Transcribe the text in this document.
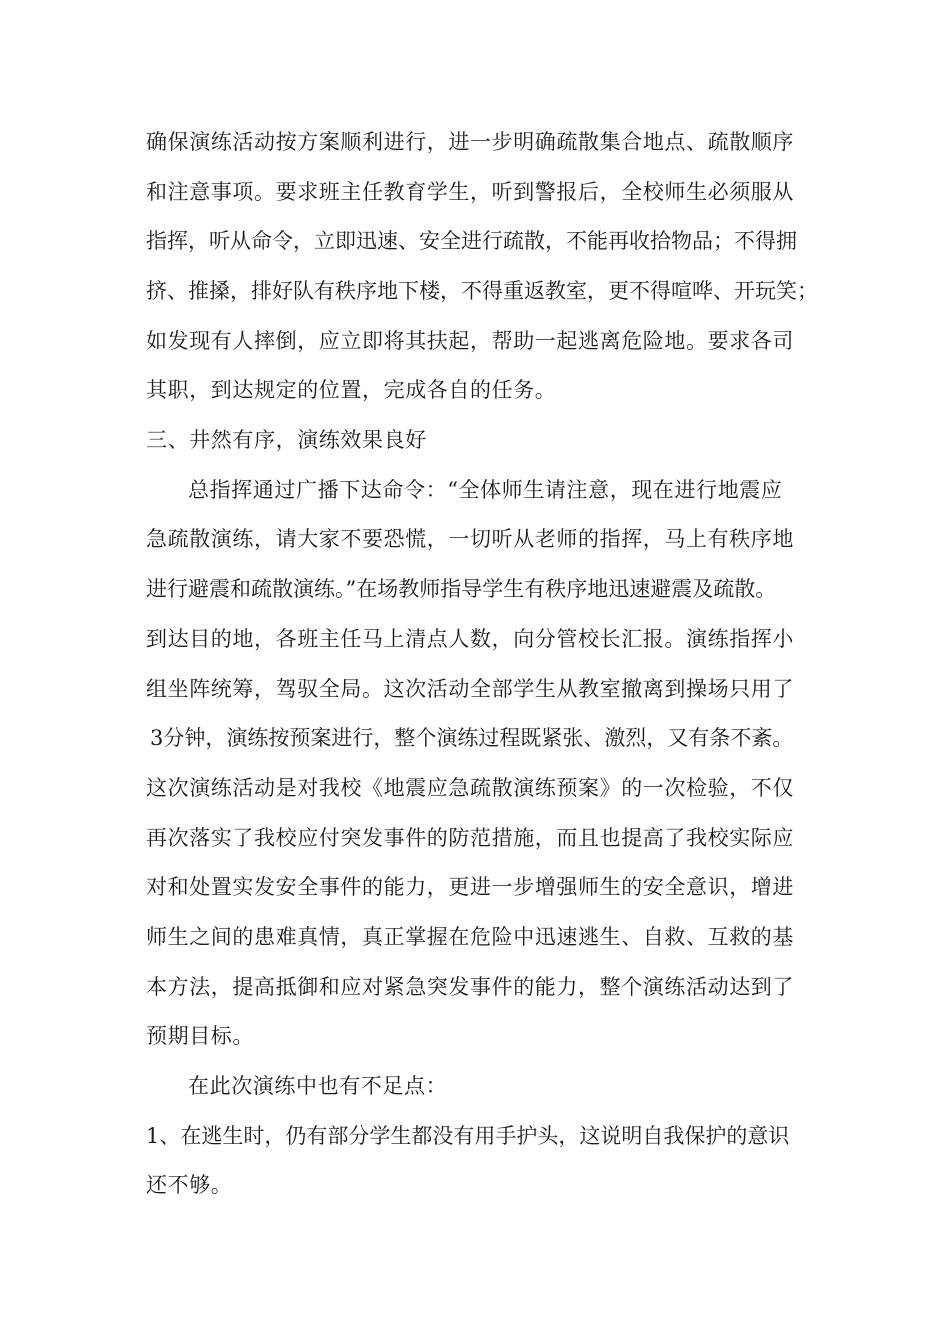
确保演练活动按方案顺利进行，进一步明确疏散集合地点、疏散顺序
和注意事项。要求班主任教育学生，听到警报后，全校师生必须服从
指挥，听从命令，立即迅速、安全进行疏散，不能再收拾物品；不得拥
挤、推搡，排好队有秩序地下楼，不得重返教室，更不得喧哗、开玩笑；
如发现有人摔倒，应立即将其扶起，帮助一起逃离危险地。要求各司
其职，到达规定的位置，完成各自的任务。
三、井然有序，演练效果良好
总指挥通过广播下达命令：“全体师生请注意，现在进行地震应
急疏散演练，请大家不要恐慌，一切听从老师的指挥，马上有秩序地
进行避震和疏散演练。”在场教师指导学生有秩序地迅速避震及疏散。
到达目的地，各班主任马上清点人数，向分管校长汇报。演练指挥小
组坐阵统筹，驾驭全局。这次活动全部学生从教室撤离到操场只用了
3分钟，演练按预案进行，整个演练过程既紧张、激烈，又有条不紊。
这次演练活动是对我校《地震应急疏散演练预案》的一次检验，不仅
再次落实了我校应付突发事件的防范措施，而且也提高了我校实际应
对和处置实发安全事件的能力，更进一步增强师生的安全意识，增进
师生之间的患难真情，真正掌握在危险中迅速逃生、自救、互救的基
本方法，提高抵御和应对紧急突发事件的能力，整个演练活动达到了
预期目标。
在此次演练中也有不足点：
1、在逃生时，仍有部分学生都没有用手护头，这说明自我保护的意识
还不够。
